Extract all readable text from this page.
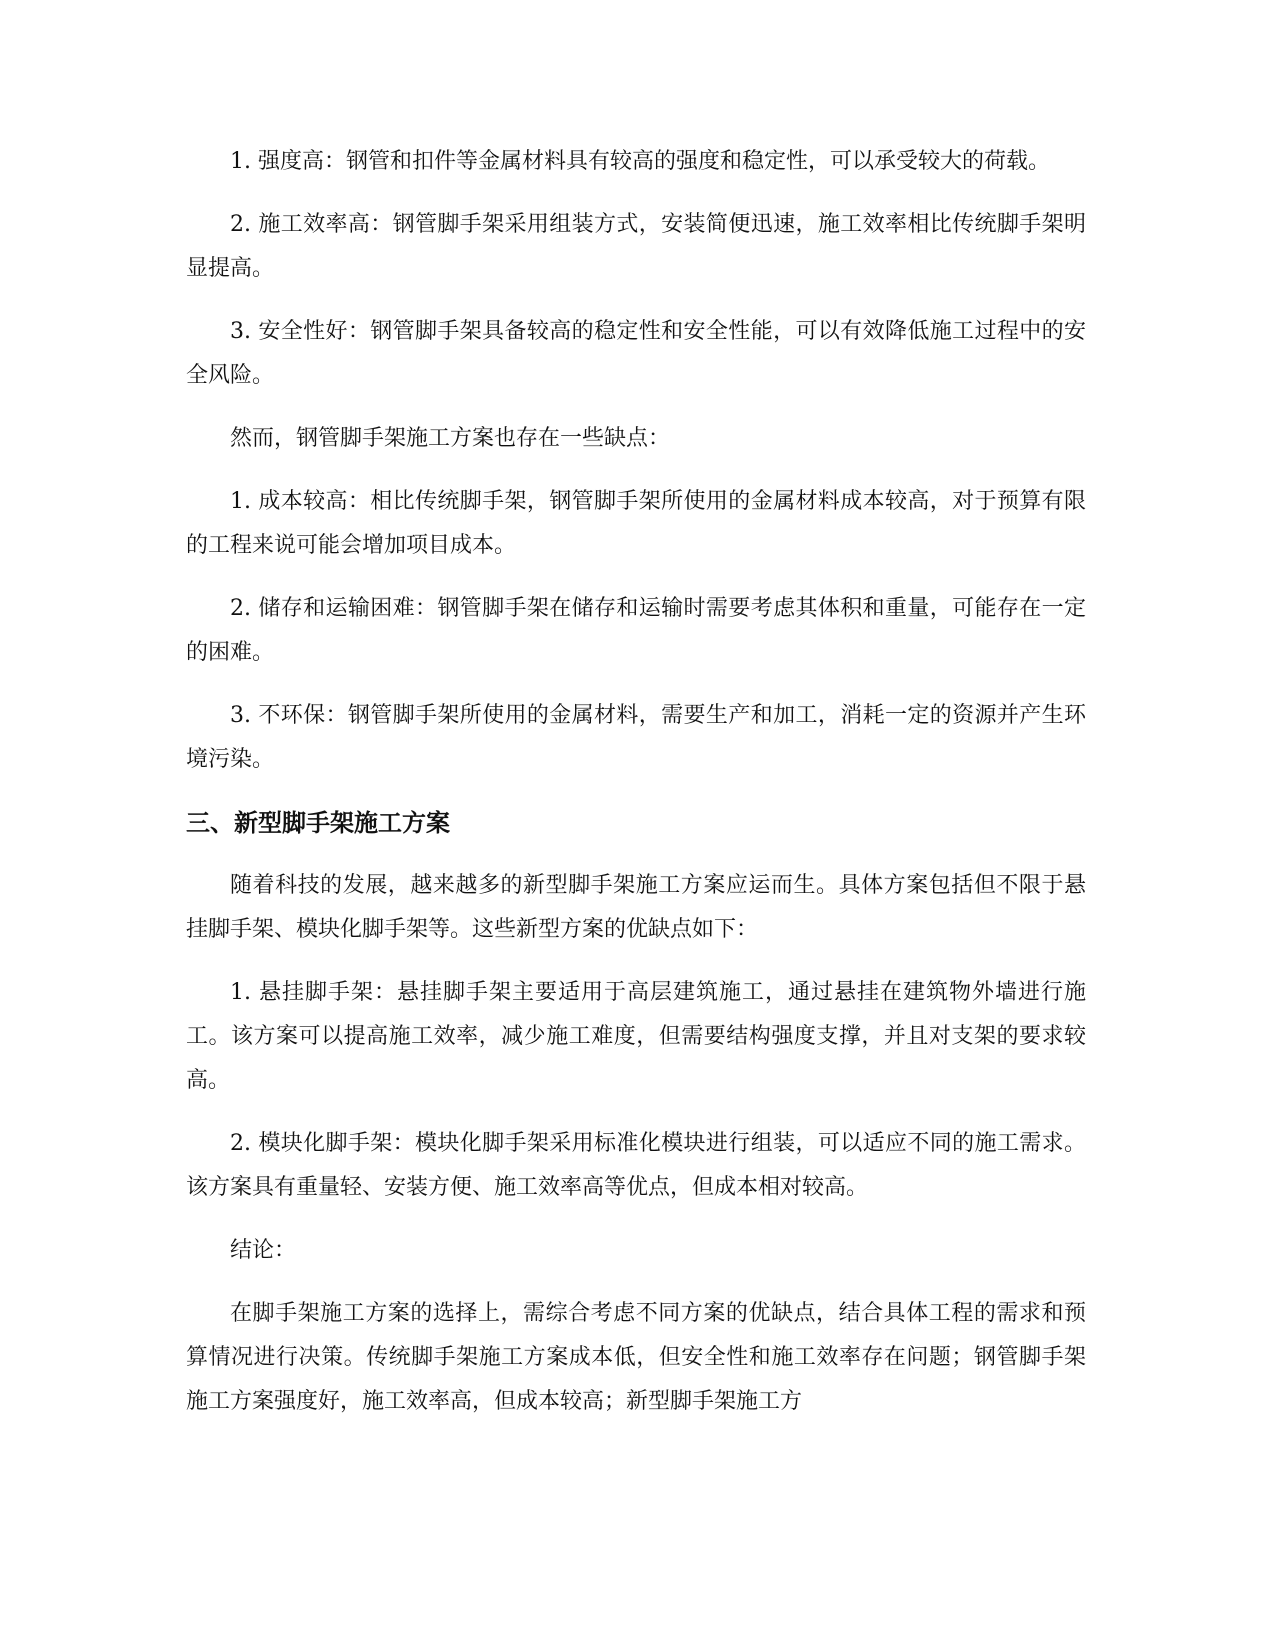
1. 强度高：钢管和扣件等金属材料具有较高的强度和稳定性，可以承受较大的荷载。

2. 施工效率高：钢管脚手架采用组装方式，安装简便迅速，施工效率相比传统脚手架明显提高。

3. 安全性好：钢管脚手架具备较高的稳定性和安全性能，可以有效降低施工过程中的安全风险。

然而，钢管脚手架施工方案也存在一些缺点：

1. 成本较高：相比传统脚手架，钢管脚手架所使用的金属材料成本较高，对于预算有限的工程来说可能会增加项目成本。

2. 储存和运输困难：钢管脚手架在储存和运输时需要考虑其体积和重量，可能存在一定的困难。

3. 不环保：钢管脚手架所使用的金属材料，需要生产和加工，消耗一定的资源并产生环境污染。

三、新型脚手架施工方案

随着科技的发展，越来越多的新型脚手架施工方案应运而生。具体方案包括但不限于悬挂脚手架、模块化脚手架等。这些新型方案的优缺点如下：

1. 悬挂脚手架：悬挂脚手架主要适用于高层建筑施工，通过悬挂在建筑物外墙进行施工。该方案可以提高施工效率，减少施工难度，但需要结构强度支撑，并且对支架的要求较高。

2. 模块化脚手架：模块化脚手架采用标准化模块进行组装，可以适应不同的施工需求。该方案具有重量轻、安装方便、施工效率高等优点，但成本相对较高。

结论：

在脚手架施工方案的选择上，需综合考虑不同方案的优缺点，结合具体工程的需求和预算情况进行决策。传统脚手架施工方案成本低，但安全性和施工效率存在问题；钢管脚手架施工方案强度好，施工效率高，但成本较高；新型脚手架施工方
